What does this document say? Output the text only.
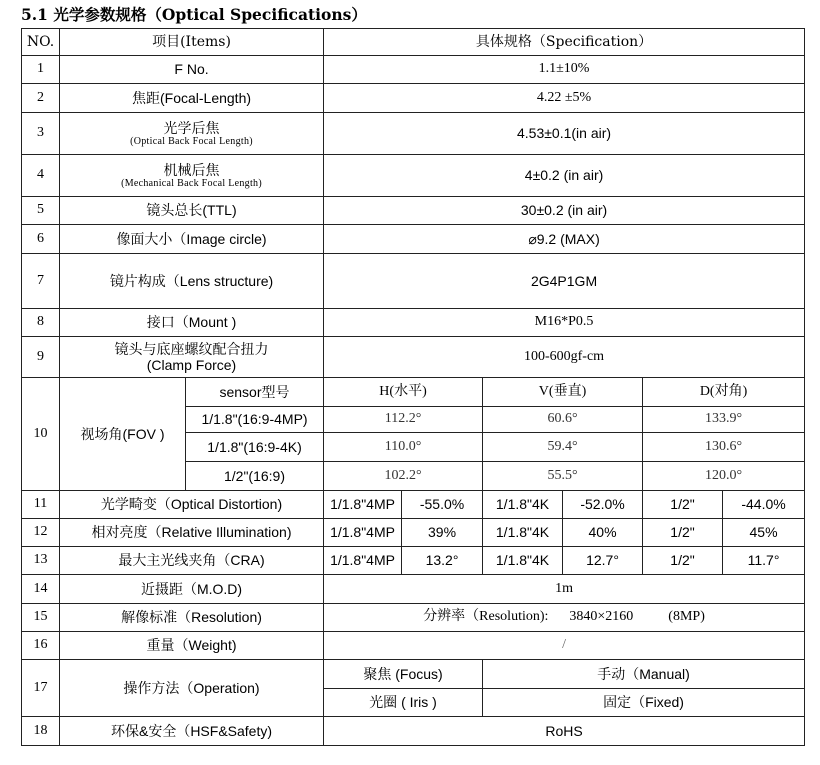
5.1 光学参数规格（Optical Specifications）
NO.	项目(Items)		具体规格（Specification）					
1	F No.		1.1±10%					
2	焦距(Focal-Length)		4.22 ±5%					
3	光学后焦
(Optical Back Focal Length)		4.53±0.1(in air)					
4	机械后焦
(Mechanical Back Focal Length)		4±0.2 (in air)					
5	镜头总长(TTL)		30±0.2 (in air)					
6	像面大小（Image circle)		⌀9.2 (MAX)					
7	镜片构成（Lens structure)		2G4P1GM					
8	接口（Mount )		M16*P0.5					
9	镜头与底座螺纹配合扭力
(Clamp Force)		100-600gf-cm					
10	视场角(FOV )	sensor型号	H(水平)		V(垂直)		D(对角)	
		1/1.8"(16:9-4MP)	112.2°		60.6°		133.9°	
		1/1.8"(16:9-4K)	110.0°		59.4°		130.6°	
		1/2"(16:9)	102.2°		55.5°		120.0°	
11	光学畸变（Optical Distortion)		1/1.8"4MP	-55.0%	1/1.8"4K	-52.0%	1/2"	-44.0%
12	相对亮度（Relative Illumination)		1/1.8"4MP	39%	1/1.8"4K	40%	1/2"	45%
13	最大主光线夹角（CRA)		1/1.8"4MP	13.2°	1/1.8"4K	12.7°	1/2"	11.7°
14	近摄距（M.O.D)		1m					
15	解像标准（Resolution)		分辨率（Resolution):      3840×2160          (8MP)					
16	重量（Weight)		/					
17	操作方法（Operation)		聚焦 (Focus)		手动（Manual)			
			光圈 ( Iris )		固定（Fixed)			
18	环保&安全（HSF&Safety)		RoHS					
